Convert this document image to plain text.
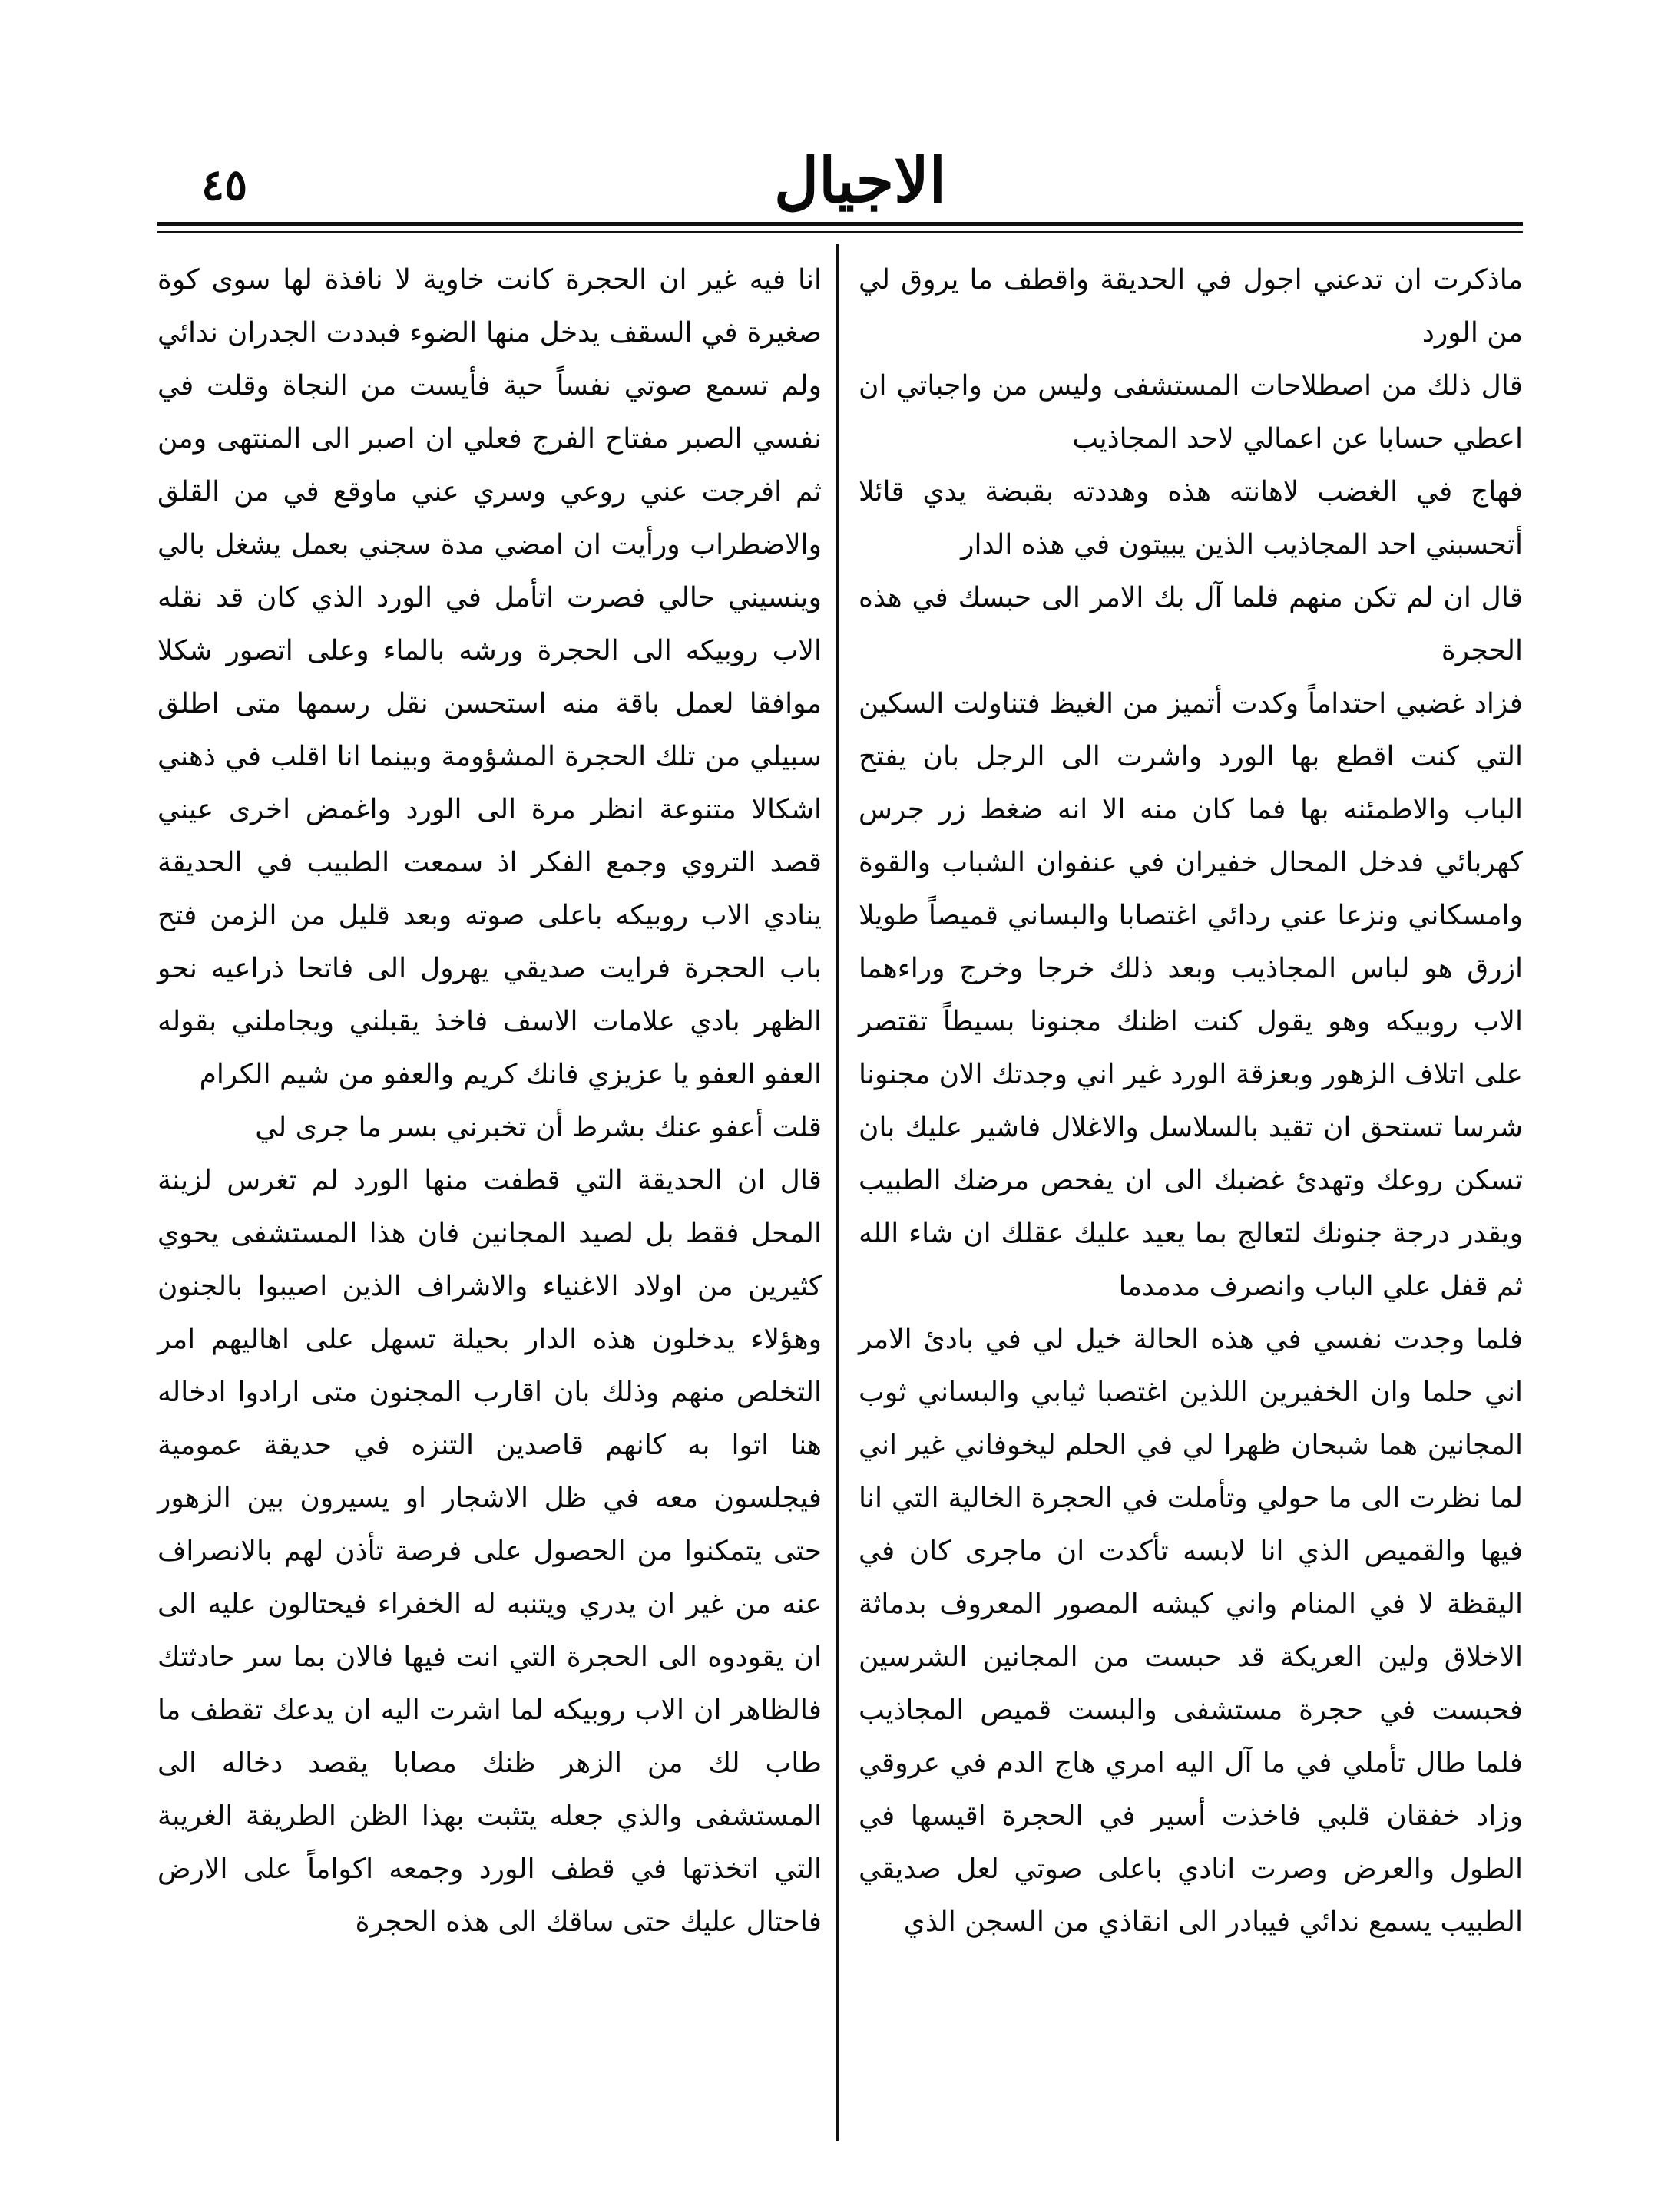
٤٥	الاجيال

ماذكرت ان تدعني اجول في الحديقة واقطف ما يروق لي من الورد

قال ذلك من اصطلاحات المستشفى وليس من واجباتي ان اعطي حسابا عن اعمالي لاحد المجاذيب

فهاج في الغضب لاهانته هذه وهددته بقبضة يدي قائلا أتحسبني احد المجاذيب الذين يبيتون في هذه الدار

قال ان لم تكن منهم فلما آل بك الامر الى حبسك في هذه الحجرة

فزاد غضبي احتداماً وكدت أتميز من الغيظ فتناولت السكين التي كنت اقطع بها الورد واشرت الى الرجل بان يفتح الباب والاطمئنه بها فما كان منه الا انه ضغط زر جرس كهربائي فدخل المحال خفيران في عنفوان الشباب والقوة وامسكاني ونزعا عني ردائي اغتصابا والبساني قميصاً طويلا ازرق هو لباس المجاذيب وبعد ذلك خرجا وخرج وراءهما الاب روبيكه وهو يقول كنت اظنك مجنونا بسيطاً تقتصر على اتلاف الزهور وبعزقة الورد غير اني وجدتك الان مجنونا شرسا تستحق ان تقيد بالسلاسل والاغلال فاشير عليك بان تسكن روعك وتهدئ غضبك الى ان يفحص مرضك الطبيب ويقدر درجة جنونك لتعالج بما يعيد عليك عقلك ان شاء الله ثم قفل علي الباب وانصرف مدمدما

فلما وجدت نفسي في هذه الحالة خيل لي في بادئ الامر اني حلما وان الخفيرين اللذين اغتصبا ثيابي والبساني ثوب المجانين هما شبحان ظهرا لي في الحلم ليخوفاني غير اني لما نظرت الى ما حولي وتأملت في الحجرة الخالية التي انا فيها والقميص الذي انا لابسه تأكدت ان ماجرى كان في اليقظة لا في المنام واني كيشه المصور المعروف بدماثة الاخلاق ولين العريكة قد حبست من المجانين الشرسين فحبست في حجرة مستشفى والبست قميص المجاذيب فلما طال تأملي في ما آل اليه امري هاج الدم في عروقي وزاد خفقان قلبي فاخذت أسير في الحجرة اقيسها في الطول والعرض وصرت انادي باعلى صوتي لعل صديقي الطبيب يسمع ندائي فيبادر الى انقاذي من السجن الذي

انا فيه غير ان الحجرة كانت خاوية لا نافذة لها سوى كوة صغيرة في السقف يدخل منها الضوء فبددت الجدران ندائي ولم تسمع صوتي نفساً حية فأيست من النجاة وقلت في نفسي الصبر مفتاح الفرج فعلي ان اصبر الى المنتهى ومن ثم افرجت عني روعي وسري عني ماوقع في من القلق والاضطراب ورأيت ان امضي مدة سجني بعمل يشغل بالي وينسيني حالي فصرت اتأمل في الورد الذي كان قد نقله الاب روبيكه الى الحجرة ورشه بالماء وعلى اتصور شكلا موافقا لعمل باقة منه استحسن نقل رسمها متى اطلق سبيلي من تلك الحجرة المشؤومة وبينما انا اقلب في ذهني اشكالا متنوعة انظر مرة الى الورد واغمض اخرى عيني قصد التروي وجمع الفكر اذ سمعت الطبيب في الحديقة ينادي الاب روبيكه باعلى صوته وبعد قليل من الزمن فتح باب الحجرة فرايت صديقي يهرول الى فاتحا ذراعيه نحو الظهر بادي علامات الاسف فاخذ يقبلني ويجاملني بقوله العفو العفو يا عزيزي فانك كريم والعفو من شيم الكرام

قلت أعفو عنك بشرط أن تخبرني بسر ما جرى لي

قال ان الحديقة التي قطفت منها الورد لم تغرس لزينة المحل فقط بل لصيد المجانين فان هذا المستشفى يحوي كثيرين من اولاد الاغنياء والاشراف الذين اصيبوا بالجنون وهؤلاء يدخلون هذه الدار بحيلة تسهل على اهاليهم امر التخلص منهم وذلك بان اقارب المجنون متى ارادوا ادخاله هنا اتوا به كانهم قاصدين التنزه في حديقة عمومية فيجلسون معه في ظل الاشجار او يسيرون بين الزهور حتى يتمكنوا من الحصول على فرصة تأذن لهم بالانصراف عنه من غير ان يدري ويتنبه له الخفراء فيحتالون عليه الى ان يقودوه الى الحجرة التي انت فيها فالان بما سر حادثتك فالظاهر ان الاب روبيكه لما اشرت اليه ان يدعك تقطف ما طاب لك من الزهر ظنك مصابا يقصد دخاله الى المستشفى والذي جعله يتثبت بهذا الظن الطريقة الغريبة التي اتخذتها في قطف الورد وجمعه اكواماً على الارض فاحتال عليك حتى ساقك الى هذه الحجرة
